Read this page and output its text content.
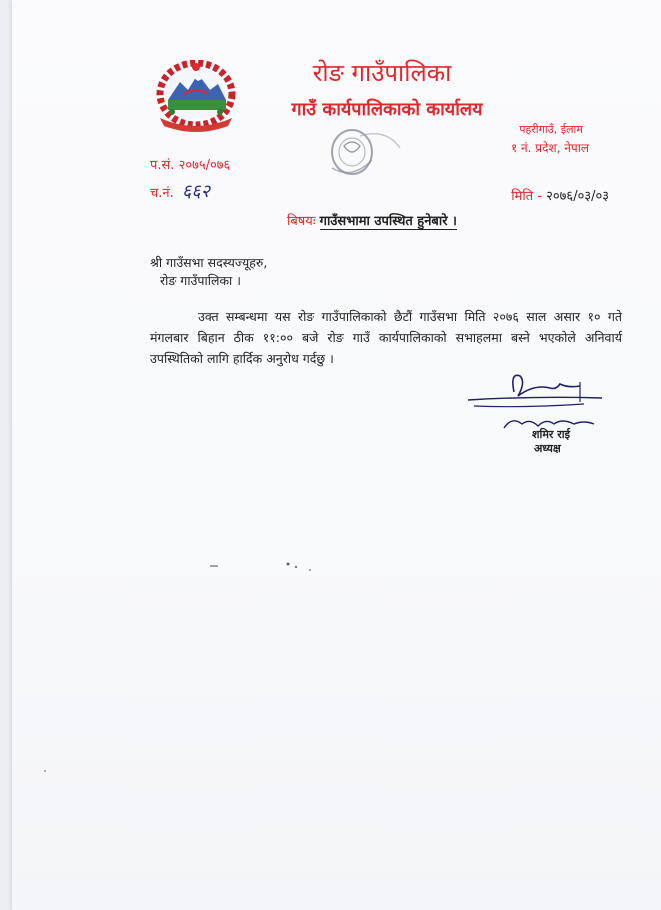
रोङ गाउँपालिका
गाउँ कार्यपालिकाको कार्यालय
पहरीगाउँ, ईलाम
१ नं. प्रदेश, नेपाल
प.सं. २०७५/०७६
च.नं. ६६२	मिति - २०७६/०३/०३
बिषयः गाउँसभामा उपस्थित हुनेबारे ।
श्री गाउँसभा सदस्यज्यूहरु,
रोङ गाउँपालिका ।
उक्त सम्बन्धमा यस रोङ गाउँपालिकाको छैटौं गाउँसभा मिति २०७६ साल असार १० गते मंगलबार बिहान ठीक ११:०० बजे रोङ गाउँ कार्यपालिकाको सभाहलमा बस्ने भएकोले अनिवार्य उपस्थितिको लागि हार्दिक अनुरोध गर्दछु ।
शमिर राई
अध्यक्ष
